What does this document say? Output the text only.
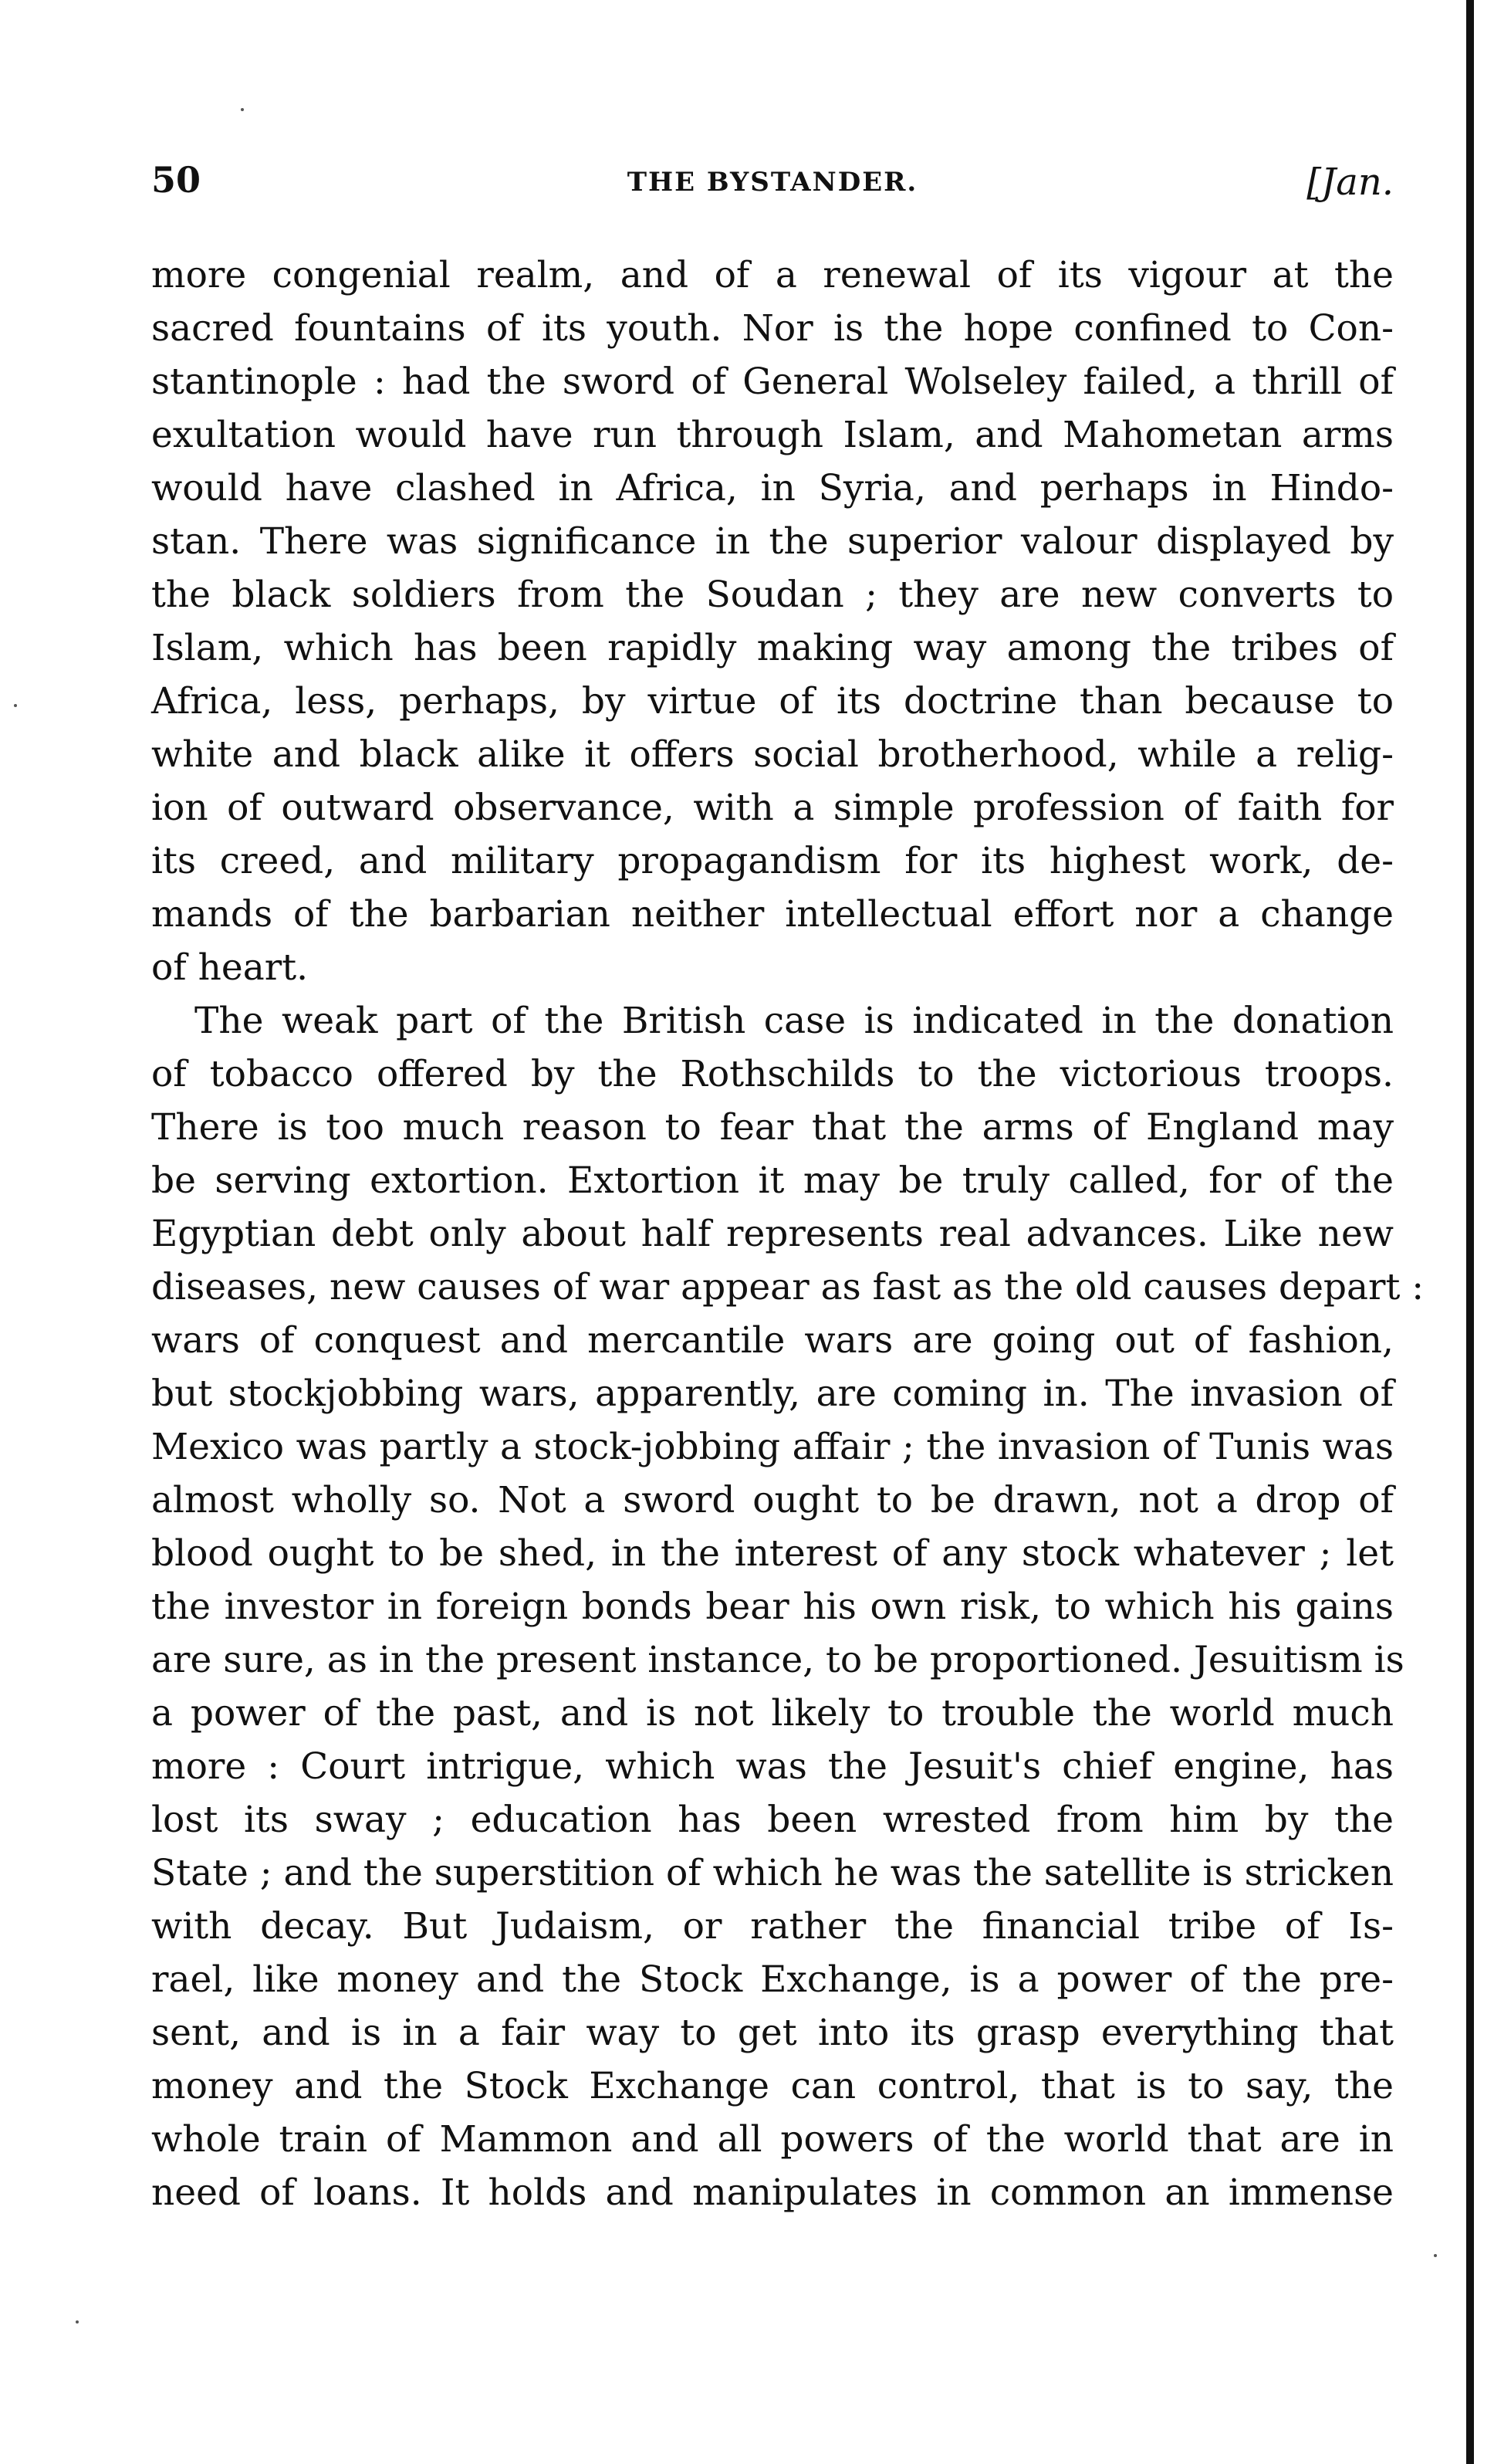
50	THE BYSTANDER.	[Jan.
more congenial realm, and of a renewal of its vigour at the
sacred fountains of its youth. Nor is the hope confined to Con-
stantinople : had the sword of General Wolseley failed, a thrill of
exultation would have run through Islam, and Mahometan arms
would have clashed in Africa, in Syria, and perhaps in Hindo-
stan. There was significance in the superior valour displayed by
the black soldiers from the Soudan ; they are new converts to
Islam, which has been rapidly making way among the tribes of
Africa, less, perhaps, by virtue of its doctrine than because to
white and black alike it offers social brotherhood, while a relig-
ion of outward observance, with a simple profession of faith for
its creed, and military propagandism for its highest work, de-
mands of the barbarian neither intellectual effort nor a change
of heart.
The weak part of the British case is indicated in the donation
of tobacco offered by the Rothschilds to the victorious troops.
There is too much reason to fear that the arms of England may
be serving extortion. Extortion it may be truly called, for of the
Egyptian debt only about half represents real advances. Like new
diseases, new causes of war appear as fast as the old causes depart :
wars of conquest and mercantile wars are going out of fashion,
but stockjobbing wars, apparently, are coming in. The invasion of
Mexico was partly a stock-jobbing affair ; the invasion of Tunis was
almost wholly so. Not a sword ought to be drawn, not a drop of
blood ought to be shed, in the interest of any stock whatever ; let
the investor in foreign bonds bear his own risk, to which his gains
are sure, as in the present instance, to be proportioned. Jesuitism is
a power of the past, and is not likely to trouble the world much
more : Court intrigue, which was the Jesuit's chief engine, has
lost its sway ; education has been wrested from him by the
State ; and the superstition of which he was the satellite is stricken
with decay. But Judaism, or rather the financial tribe of Is-
rael, like money and the Stock Exchange, is a power of the pre-
sent, and is in a fair way to get into its grasp everything that
money and the Stock Exchange can control, that is to say, the
whole train of Mammon and all powers of the world that are in
need of loans. It holds and manipulates in common an immense
